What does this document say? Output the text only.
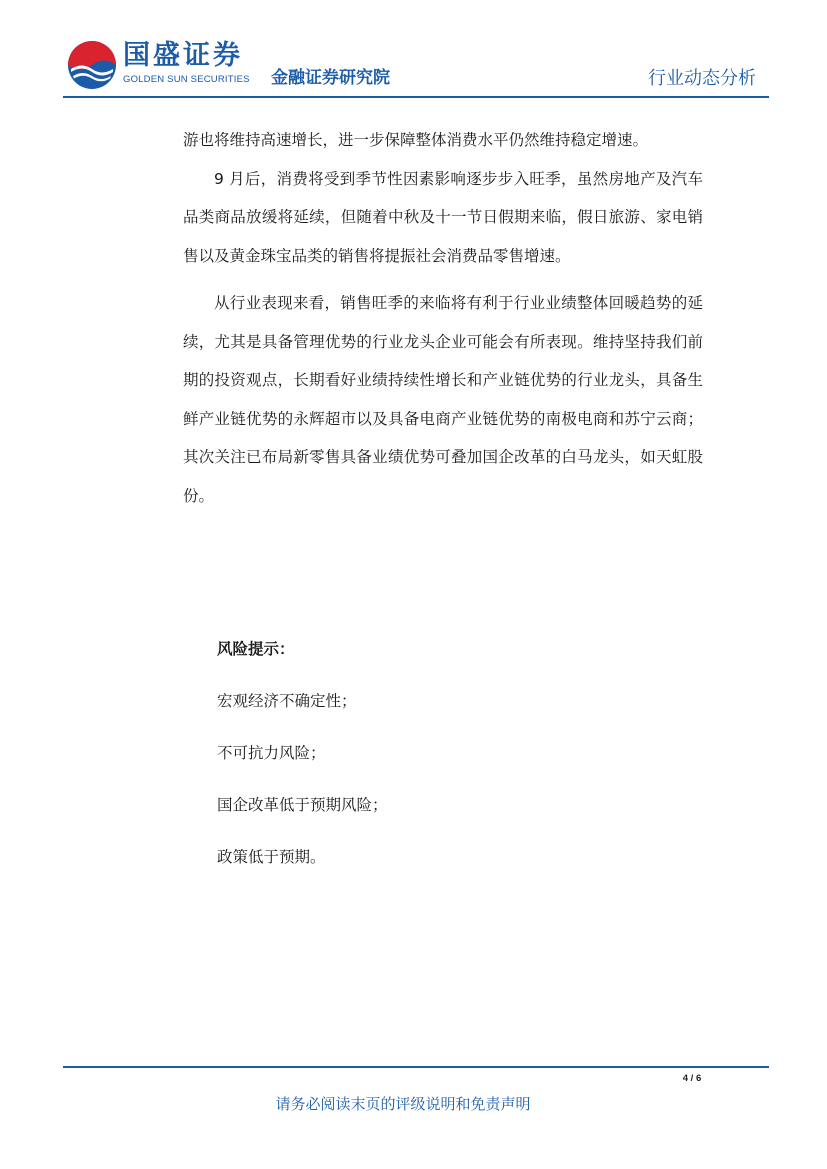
国盛证券
GOLDEN SUN SECURITIES 金融证券研究院	行业动态分析

游也将维持高速增长，进一步保障整体消费水平仍然维持稳定增速。

9 月后，消费将受到季节性因素影响逐步步入旺季，虽然房地产及汽车品类商品放缓将延续，但随着中秋及十一节日假期来临，假日旅游、家电销售以及黄金珠宝品类的销售将提振社会消费品零售增速。

从行业表现来看，销售旺季的来临将有利于行业业绩整体回暖趋势的延续，尤其是具备管理优势的行业龙头企业可能会有所表现。维持坚持我们前期的投资观点，长期看好业绩持续性增长和产业链优势的行业龙头，具备生鲜产业链优势的永辉超市以及具备电商产业链优势的南极电商和苏宁云商；其次关注已布局新零售具备业绩优势可叠加国企改革的白马龙头，如天虹股份。

风险提示：
宏观经济不确定性；
不可抗力风险；
国企改革低于预期风险；
政策低于预期。
4 / 6
请务必阅读末页的评级说明和免责声明
